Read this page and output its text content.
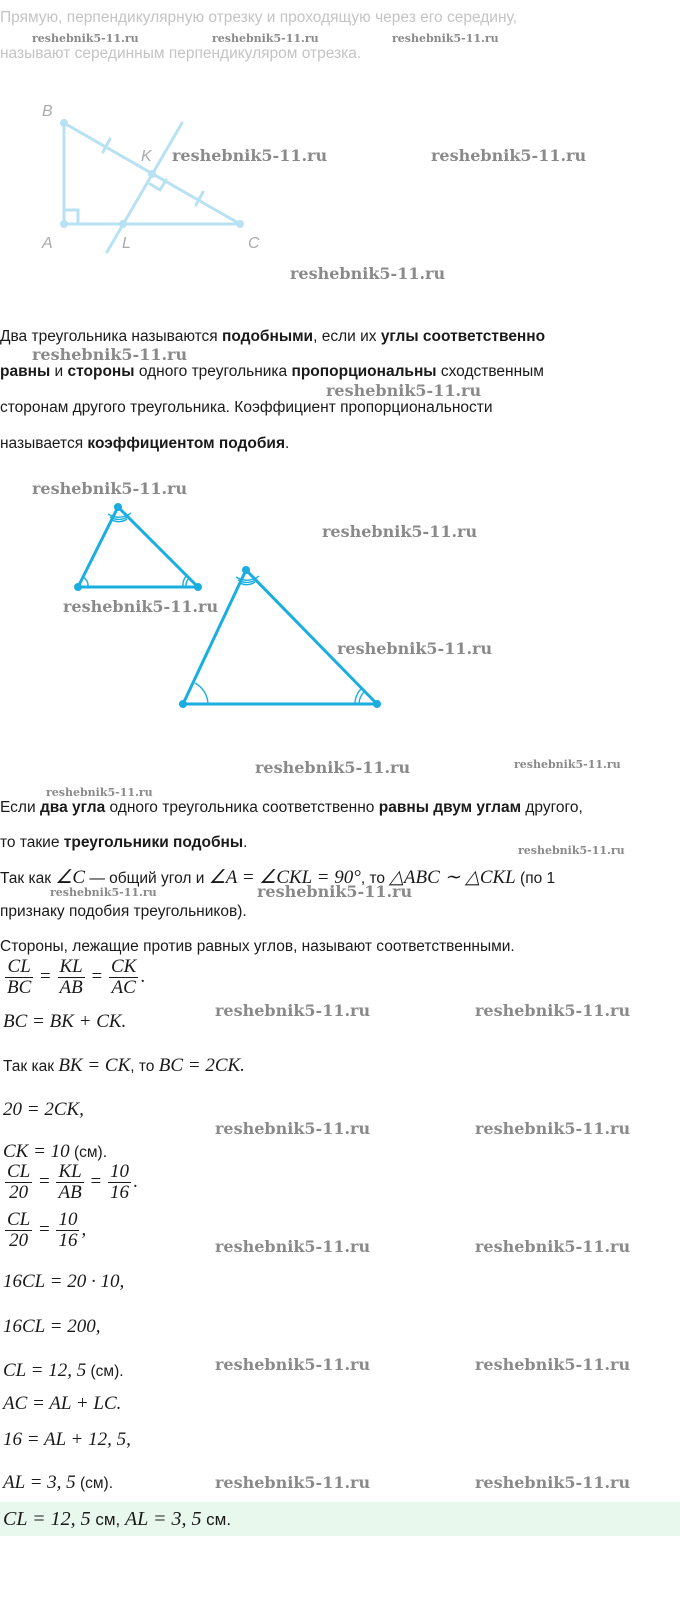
Прямую, перпендикулярную отрезку и проходящую через его середину,
называют серединным перпендикуляром отрезка.
B
K
A	L	C
Два треугольника называются подобными, если их углы соответственно
равны и стороны одного треугольника пропорциональны сходственным
сторонам другого треугольника. Коэффициент пропорциональности
называется коэффициентом подобия.
Если два угла одного треугольника соответственно равны двум углам другого,
то такие треугольники подобны.
Так как ∠C — общий угол и ∠A = ∠CKL = 90°, то △ABC ∼ △CKL (по 1
признаку подобия треугольников).
Стороны, лежащие против равных углов, называют соответственными.
$\frac{CL}{BC} = \frac{KL}{AB} = \frac{CK}{AC}$ .
BC = BK + CK.
Так как BK = CK, то BC = 2CK.
20 = 2CK,
CK = 10 (см).
$\frac{CL}{20} = \frac{KL}{AB} = \frac{10}{16}$ .
$\frac{CL}{20} = \frac{10}{16}$ ,
16CL = 20 · 10,
16CL = 200,
CL = 12, 5 (см).
AC = AL + LC.
16 = AL + 12, 5,
AL = 3, 5 (см).
CL = 12, 5 см, AL = 3, 5 см.
reshebnik5-11.ru	reshebnik5-11.ru	reshebnik5-11.ru
reshebnik5-11.ru	reshebnik5-11.ru
reshebnik5-11.ru
reshebnik5-11.ru
reshebnik5-11.ru
reshebnik5-11.ru
reshebnik5-11.ru
reshebnik5-11.ru
reshebnik5-11.ru
reshebnik5-11.ru	reshebnik5-11.ru
reshebnik5-11.ru
reshebnik5-11.ru
reshebnik5-11.ru	reshebnik5-11.ru
reshebnik5-11.ru	reshebnik5-11.ru
reshebnik5-11.ru	reshebnik5-11.ru
reshebnik5-11.ru	reshebnik5-11.ru
reshebnik5-11.ru	reshebnik5-11.ru
reshebnik5-11.ru	reshebnik5-11.ru
